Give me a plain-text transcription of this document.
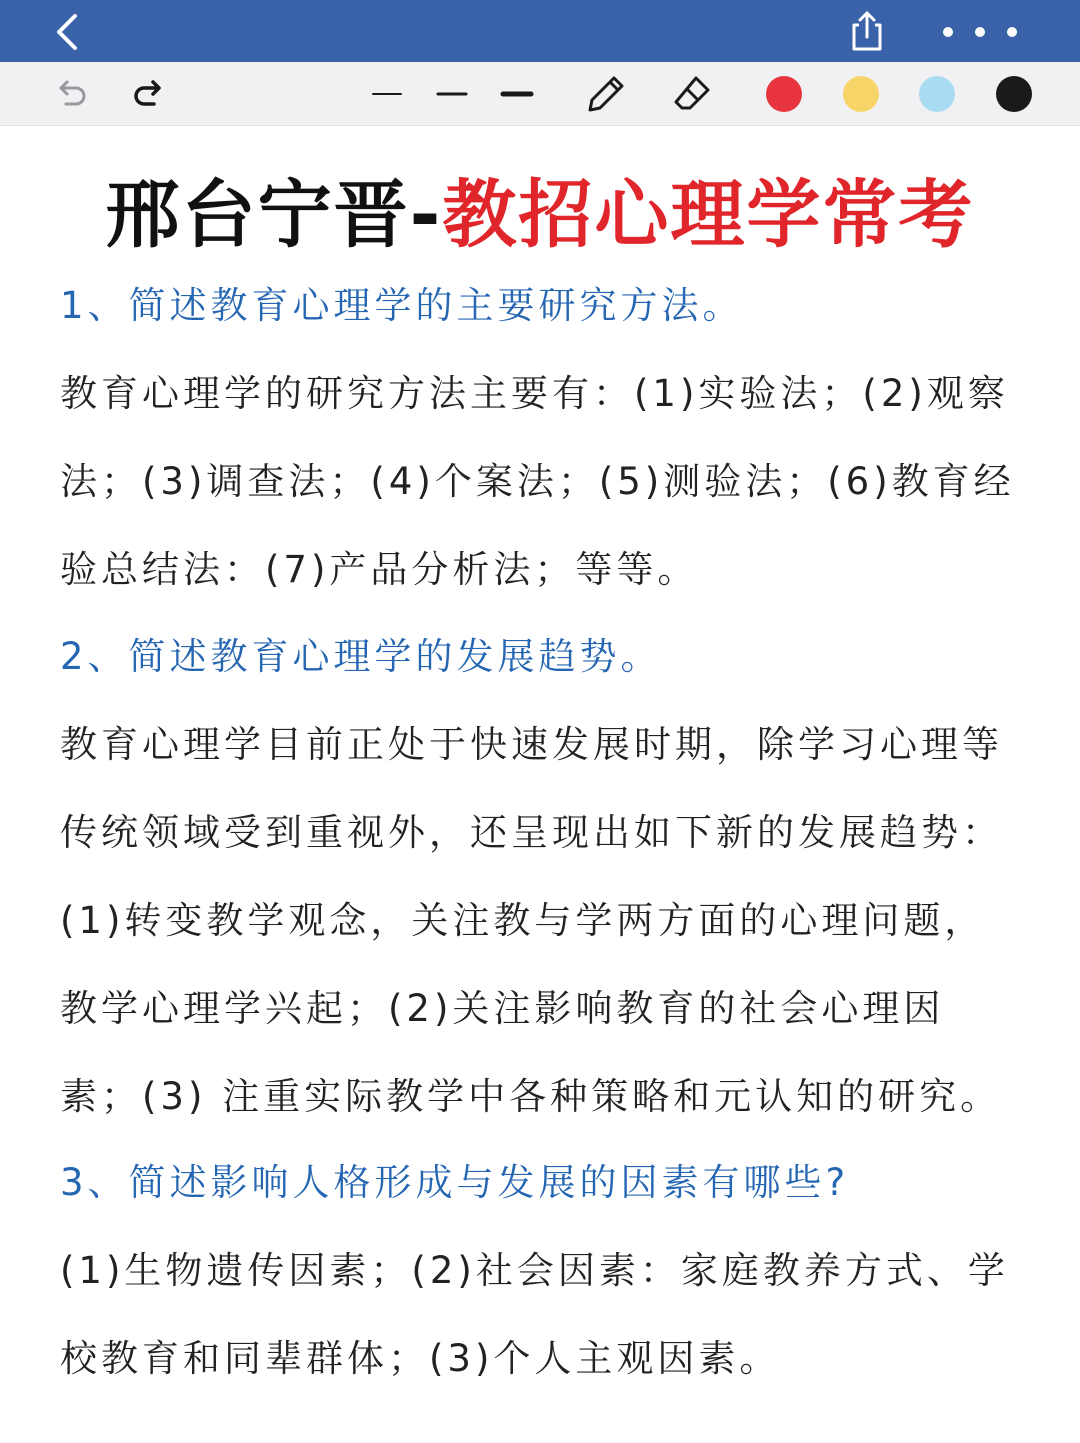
邢台宁晋-教招心理学常考
1、简述教育心理学的主要研究方法。
教育心理学的研究方法主要有：(1)实验法；(2)观察
法；(3)调查法；(4)个案法；(5)测验法；(6)教育经
验总结法：(7)产品分析法；等等。
2、简述教育心理学的发展趋势。
教育心理学目前正处于快速发展时期，除学习心理等
传统领域受到重视外，还呈现出如下新的发展趋势：
(1)转变教学观念，关注教与学两方面的心理问题，
教学心理学兴起；(2)关注影响教育的社会心理因
素；(3) 注重实际教学中各种策略和元认知的研究。
3、简述影响人格形成与发展的因素有哪些?
(1)生物遗传因素；(2)社会因素：家庭教养方式、学
校教育和同辈群体；(3)个人主观因素。
